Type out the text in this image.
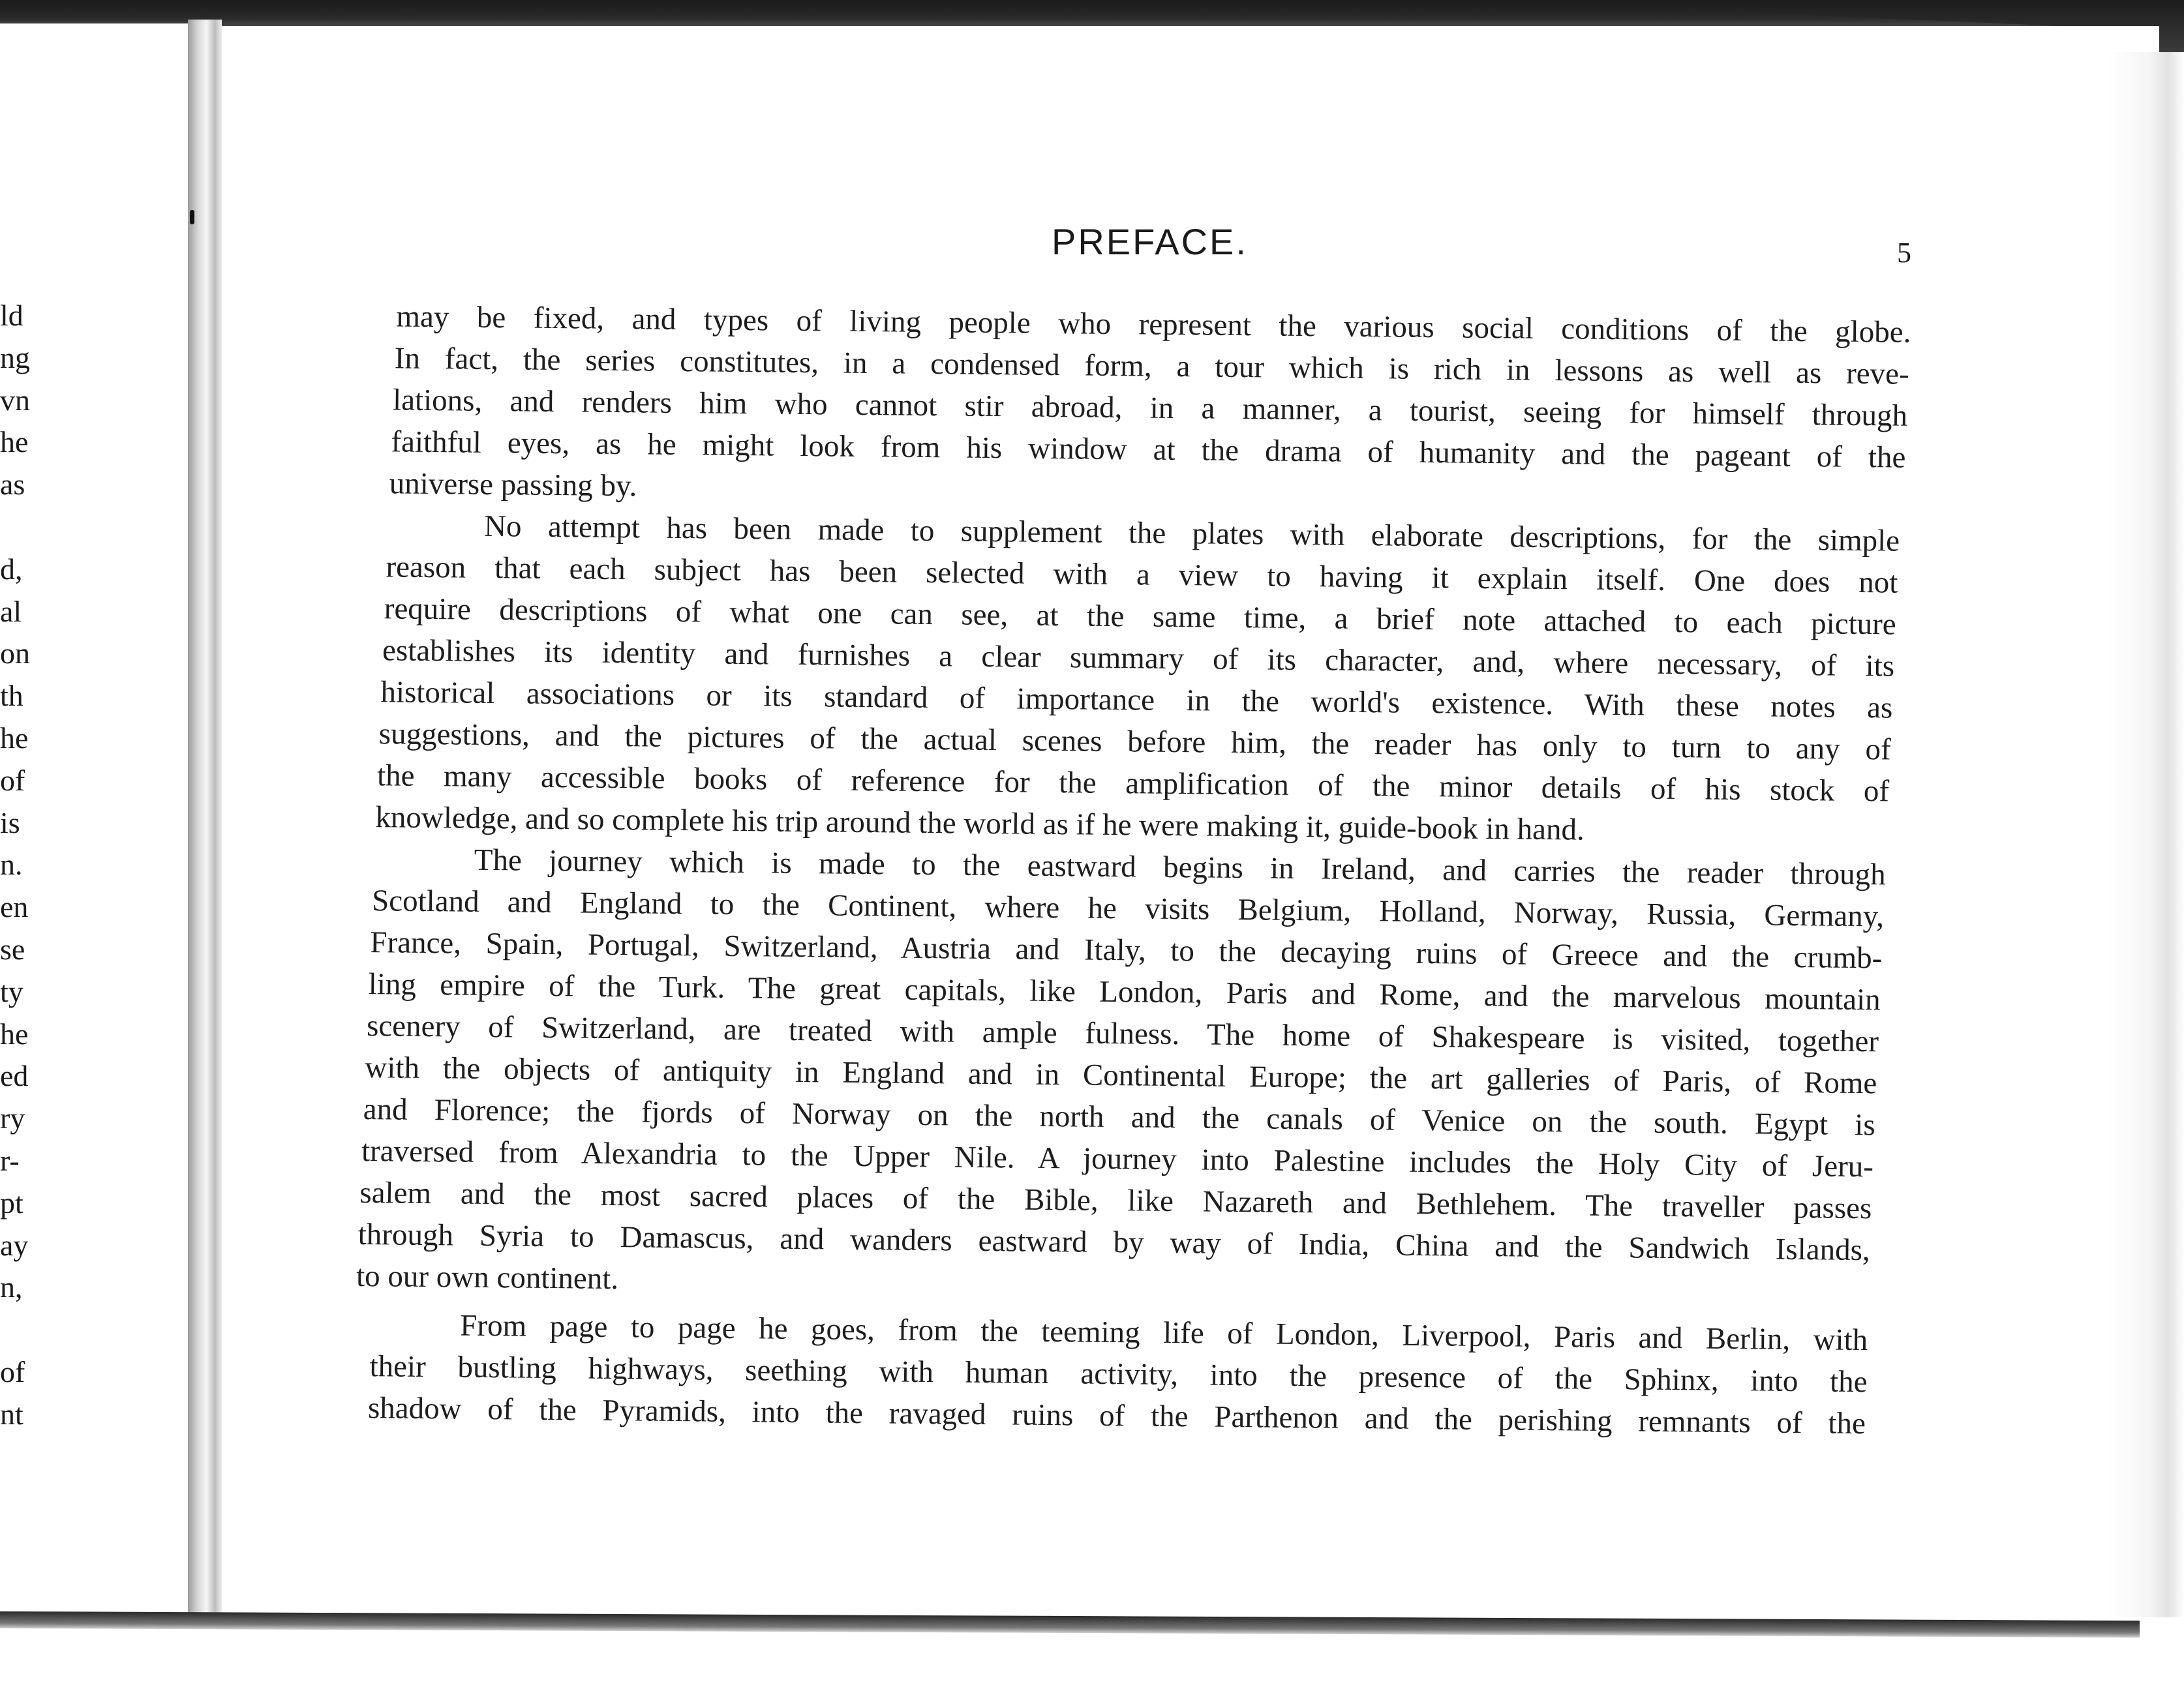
ld
ng
vn
he
as
d,
al
on
th
he
of
is
n.
en
se
ty
he
ed
ry
r-
pt
ay
n,
of
nt
PREFACE.	5
may be fixed, and types of living people who represent the various social conditions of the globe.
In fact, the series constitutes, in a condensed form, a tour which is rich in lessons as well as reve-
lations, and renders him who cannot stir abroad, in a manner, a tourist, seeing for himself through
faithful eyes, as he might look from his window at the drama of humanity and the pageant of the
universe passing by.
No attempt has been made to supplement the plates with elaborate descriptions, for the simple
reason that each subject has been selected with a view to having it explain itself. One does not
require descriptions of what one can see, at the same time, a brief note attached to each picture
establishes its identity and furnishes a clear summary of its character, and, where necessary, of its
historical associations or its standard of importance in the world's existence. With these notes as
suggestions, and the pictures of the actual scenes before him, the reader has only to turn to any of
the many accessible books of reference for the amplification of the minor details of his stock of
knowledge, and so complete his trip around the world as if he were making it, guide-book in hand.
The journey which is made to the eastward begins in Ireland, and carries the reader through
Scotland and England to the Continent, where he visits Belgium, Holland, Norway, Russia, Germany,
France, Spain, Portugal, Switzerland, Austria and Italy, to the decaying ruins of Greece and the crumb-
ling empire of the Turk. The great capitals, like London, Paris and Rome, and the marvelous mountain
scenery of Switzerland, are treated with ample fulness. The home of Shakespeare is visited, together
with the objects of antiquity in England and in Continental Europe; the art galleries of Paris, of Rome
and Florence; the fjords of Norway on the north and the canals of Venice on the south. Egypt is
traversed from Alexandria to the Upper Nile. A journey into Palestine includes the Holy City of Jeru-
salem and the most sacred places of the Bible, like Nazareth and Bethlehem. The traveller passes
through Syria to Damascus, and wanders eastward by way of India, China and the Sandwich Islands,
to our own continent.
From page to page he goes, from the teeming life of London, Liverpool, Paris and Berlin, with
their bustling highways, seething with human activity, into the presence of the Sphinx, into the
shadow of the Pyramids, into the ravaged ruins of the Parthenon and the perishing remnants of the
